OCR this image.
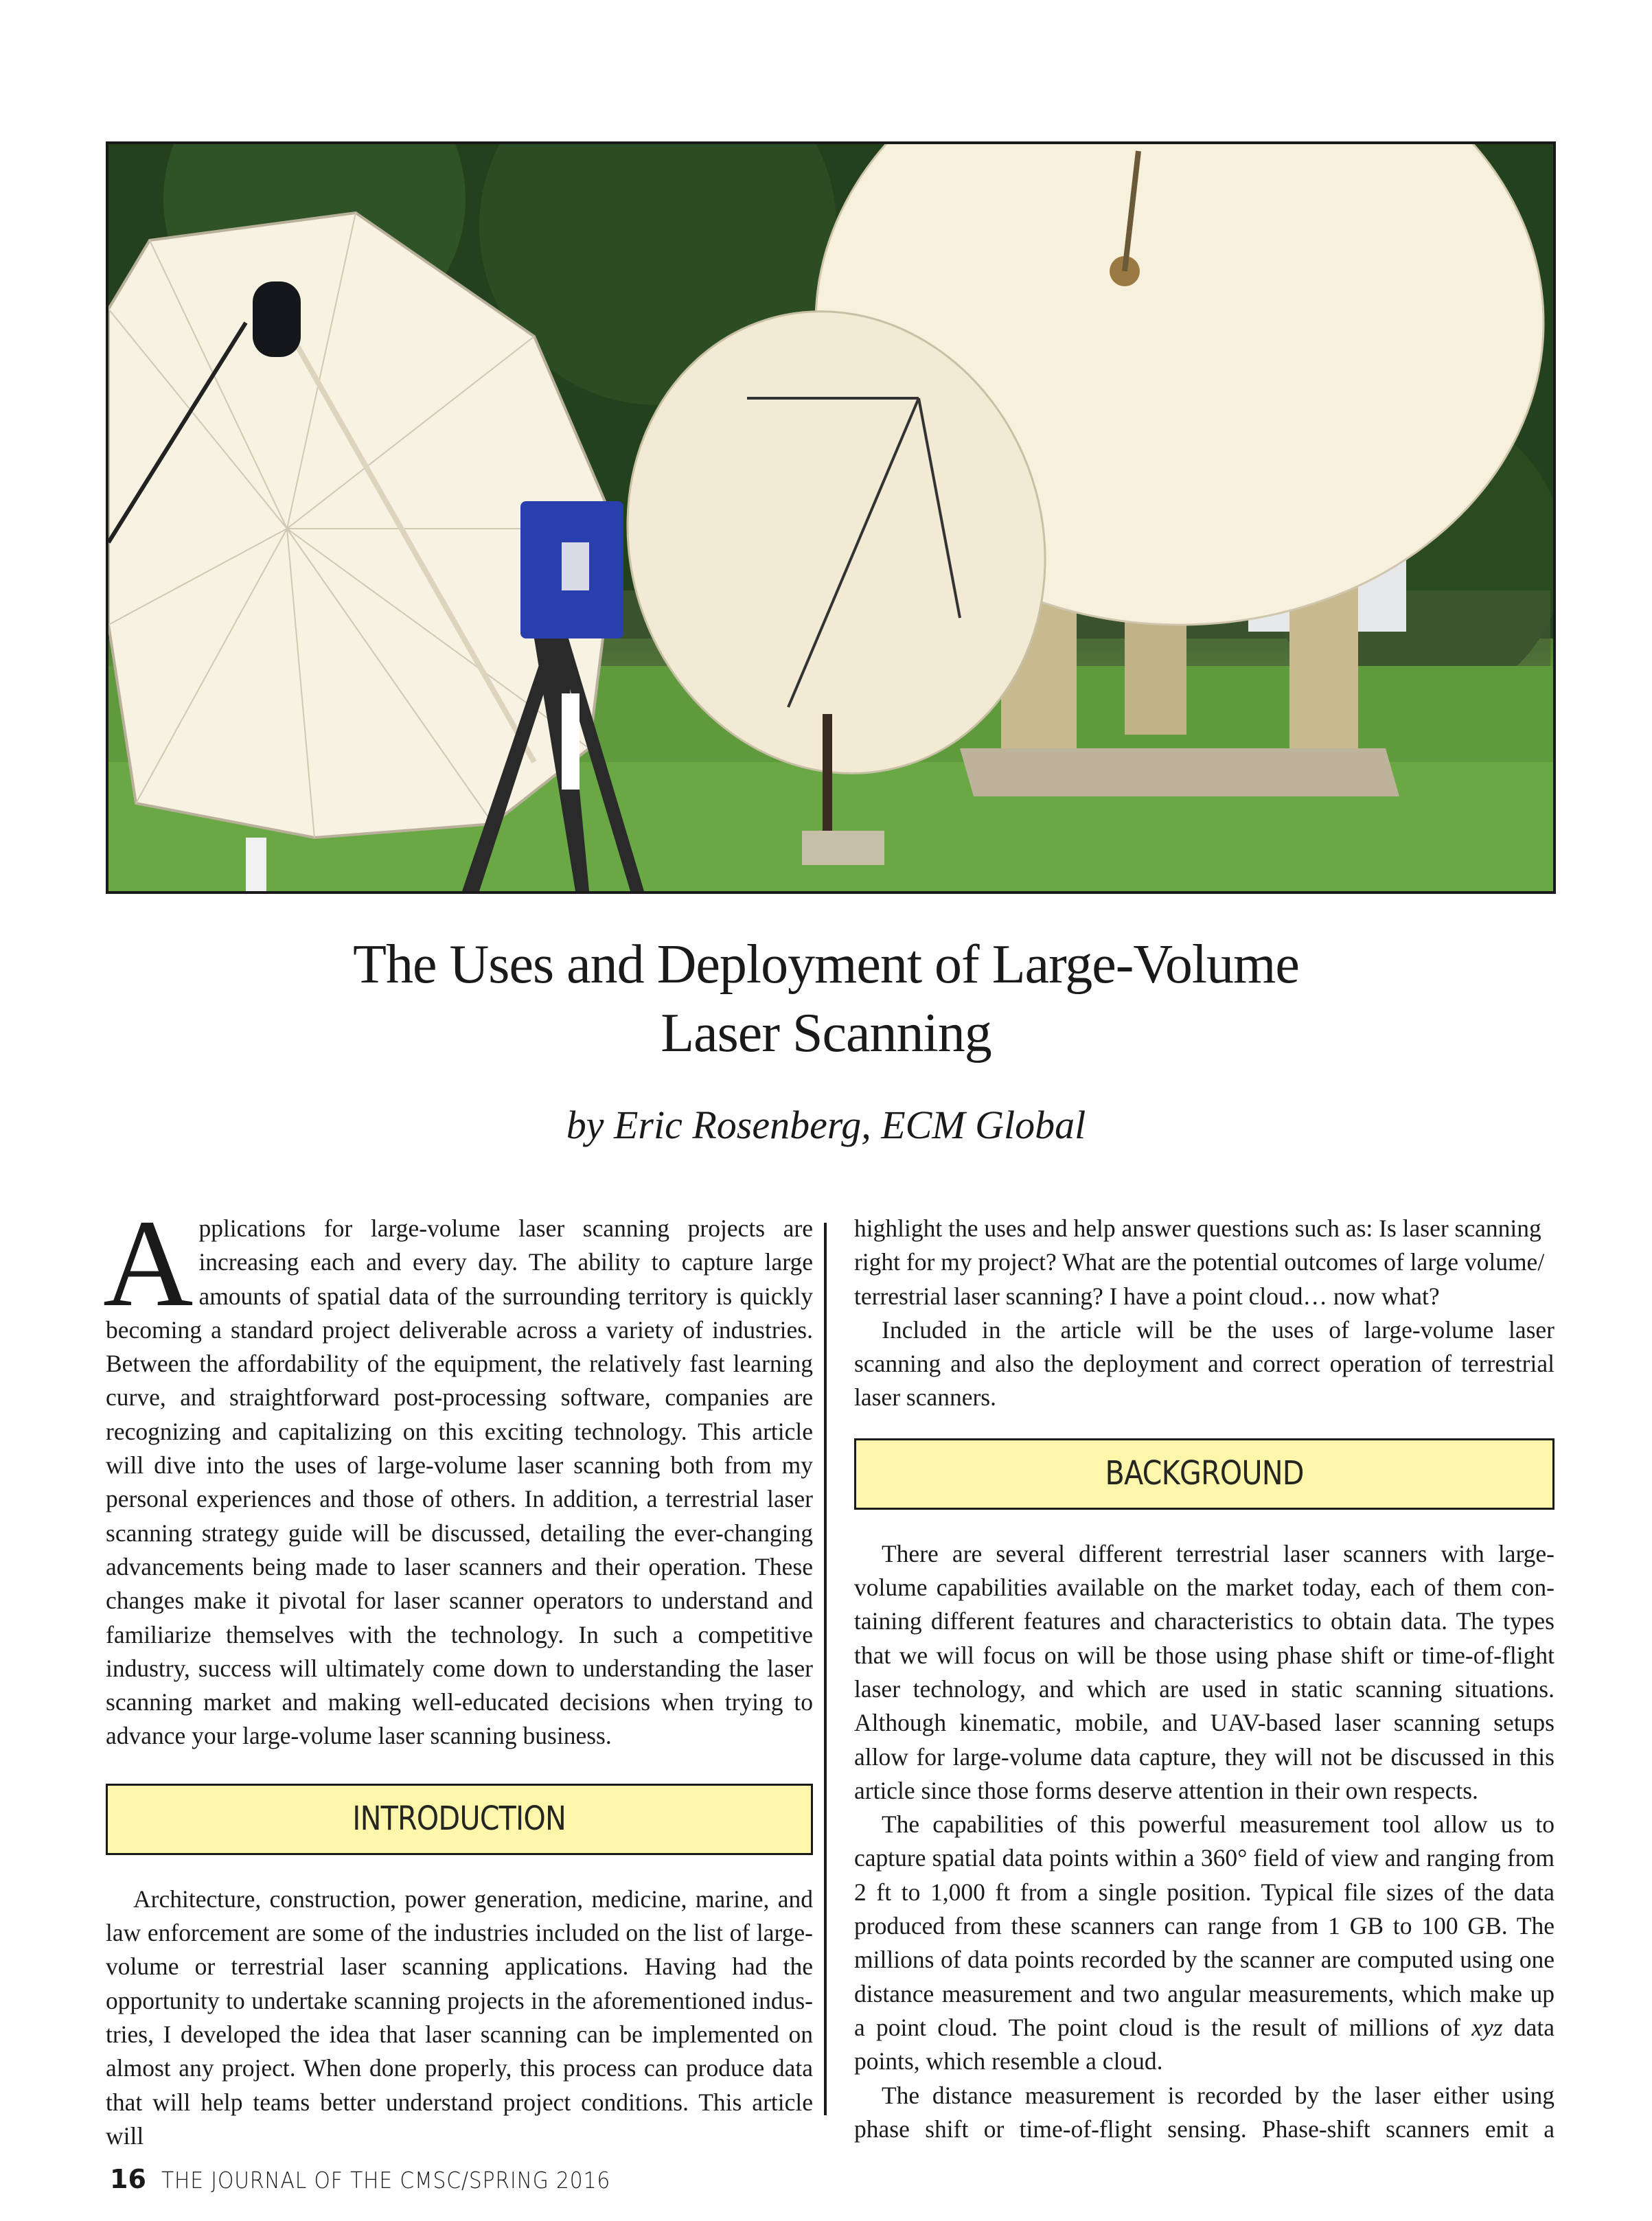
The Uses and Deployment of Large-Volume
Laser Scanning
by Eric Rosenberg, ECM Global

Applications for large-volume laser scanning projects are increasing each and every day. The ability to capture large amounts of spatial data of the surrounding territory is quickly becoming a standard project deliverable across a variety of industries. Between the affordability of the equipment, the relatively fast learning curve, and straightforward post-processing software, companies are recognizing and capitalizing on this exciting technology. This article will dive into the uses of large-volume laser scanning both from my personal experiences and those of others. In addition, a terrestrial laser scanning strategy guide will be discussed, detailing the ever-changing advancements being made to laser scanners and their operation. These changes make it pivotal for laser scanner operators to understand and familiarize themselves with the technology. In such a competitive industry, success will ultimately come down to understanding the laser scanning market and making well-educated decisions when trying to advance your large-volume laser scanning business.

INTRODUCTION

Architecture, construction, power generation, medicine, marine, and law enforcement are some of the industries included on the list of large-volume or terrestrial laser scanning applications. Having had the opportunity to undertake scanning projects in the aforementioned industries, I developed the idea that laser scanning can be implemented on almost any project. When done properly, this process can produce data that will help teams better understand project conditions. This article will

highlight the uses and help answer questions such as: Is laser scanning right for my project? What are the potential outcomes of large volume/ terrestrial laser scanning? I have a point cloud… now what?

Included in the article will be the uses of large-volume laser scanning and also the deployment and correct operation of terrestrial laser scanners.

BACKGROUND

There are several different terrestrial laser scanners with large-volume capabilities available on the market today, each of them containing different features and characteristics to obtain data. The types that we will focus on will be those using phase shift or time-of-flight laser technology, and which are used in static scanning situations. Although kinematic, mobile, and UAV-based laser scanning setups allow for large-volume data capture, they will not be discussed in this article since those forms deserve attention in their own respects.

The capabilities of this powerful measurement tool allow us to capture spatial data points within a 360° field of view and ranging from 2 ft to 1,000 ft from a single position. Typical file sizes of the data produced from these scanners can range from 1 GB to 100 GB. The millions of data points recorded by the scanner are computed using one distance measurement and two angular measurements, which make up a point cloud. The point cloud is the result of millions of xyz data points, which resemble a cloud.

The distance measurement is recorded by the laser either using phase shift or time-of-flight sensing. Phase-shift scanners emit a

16 THE JOURNAL OF THE CMSC/SPRING 2016
